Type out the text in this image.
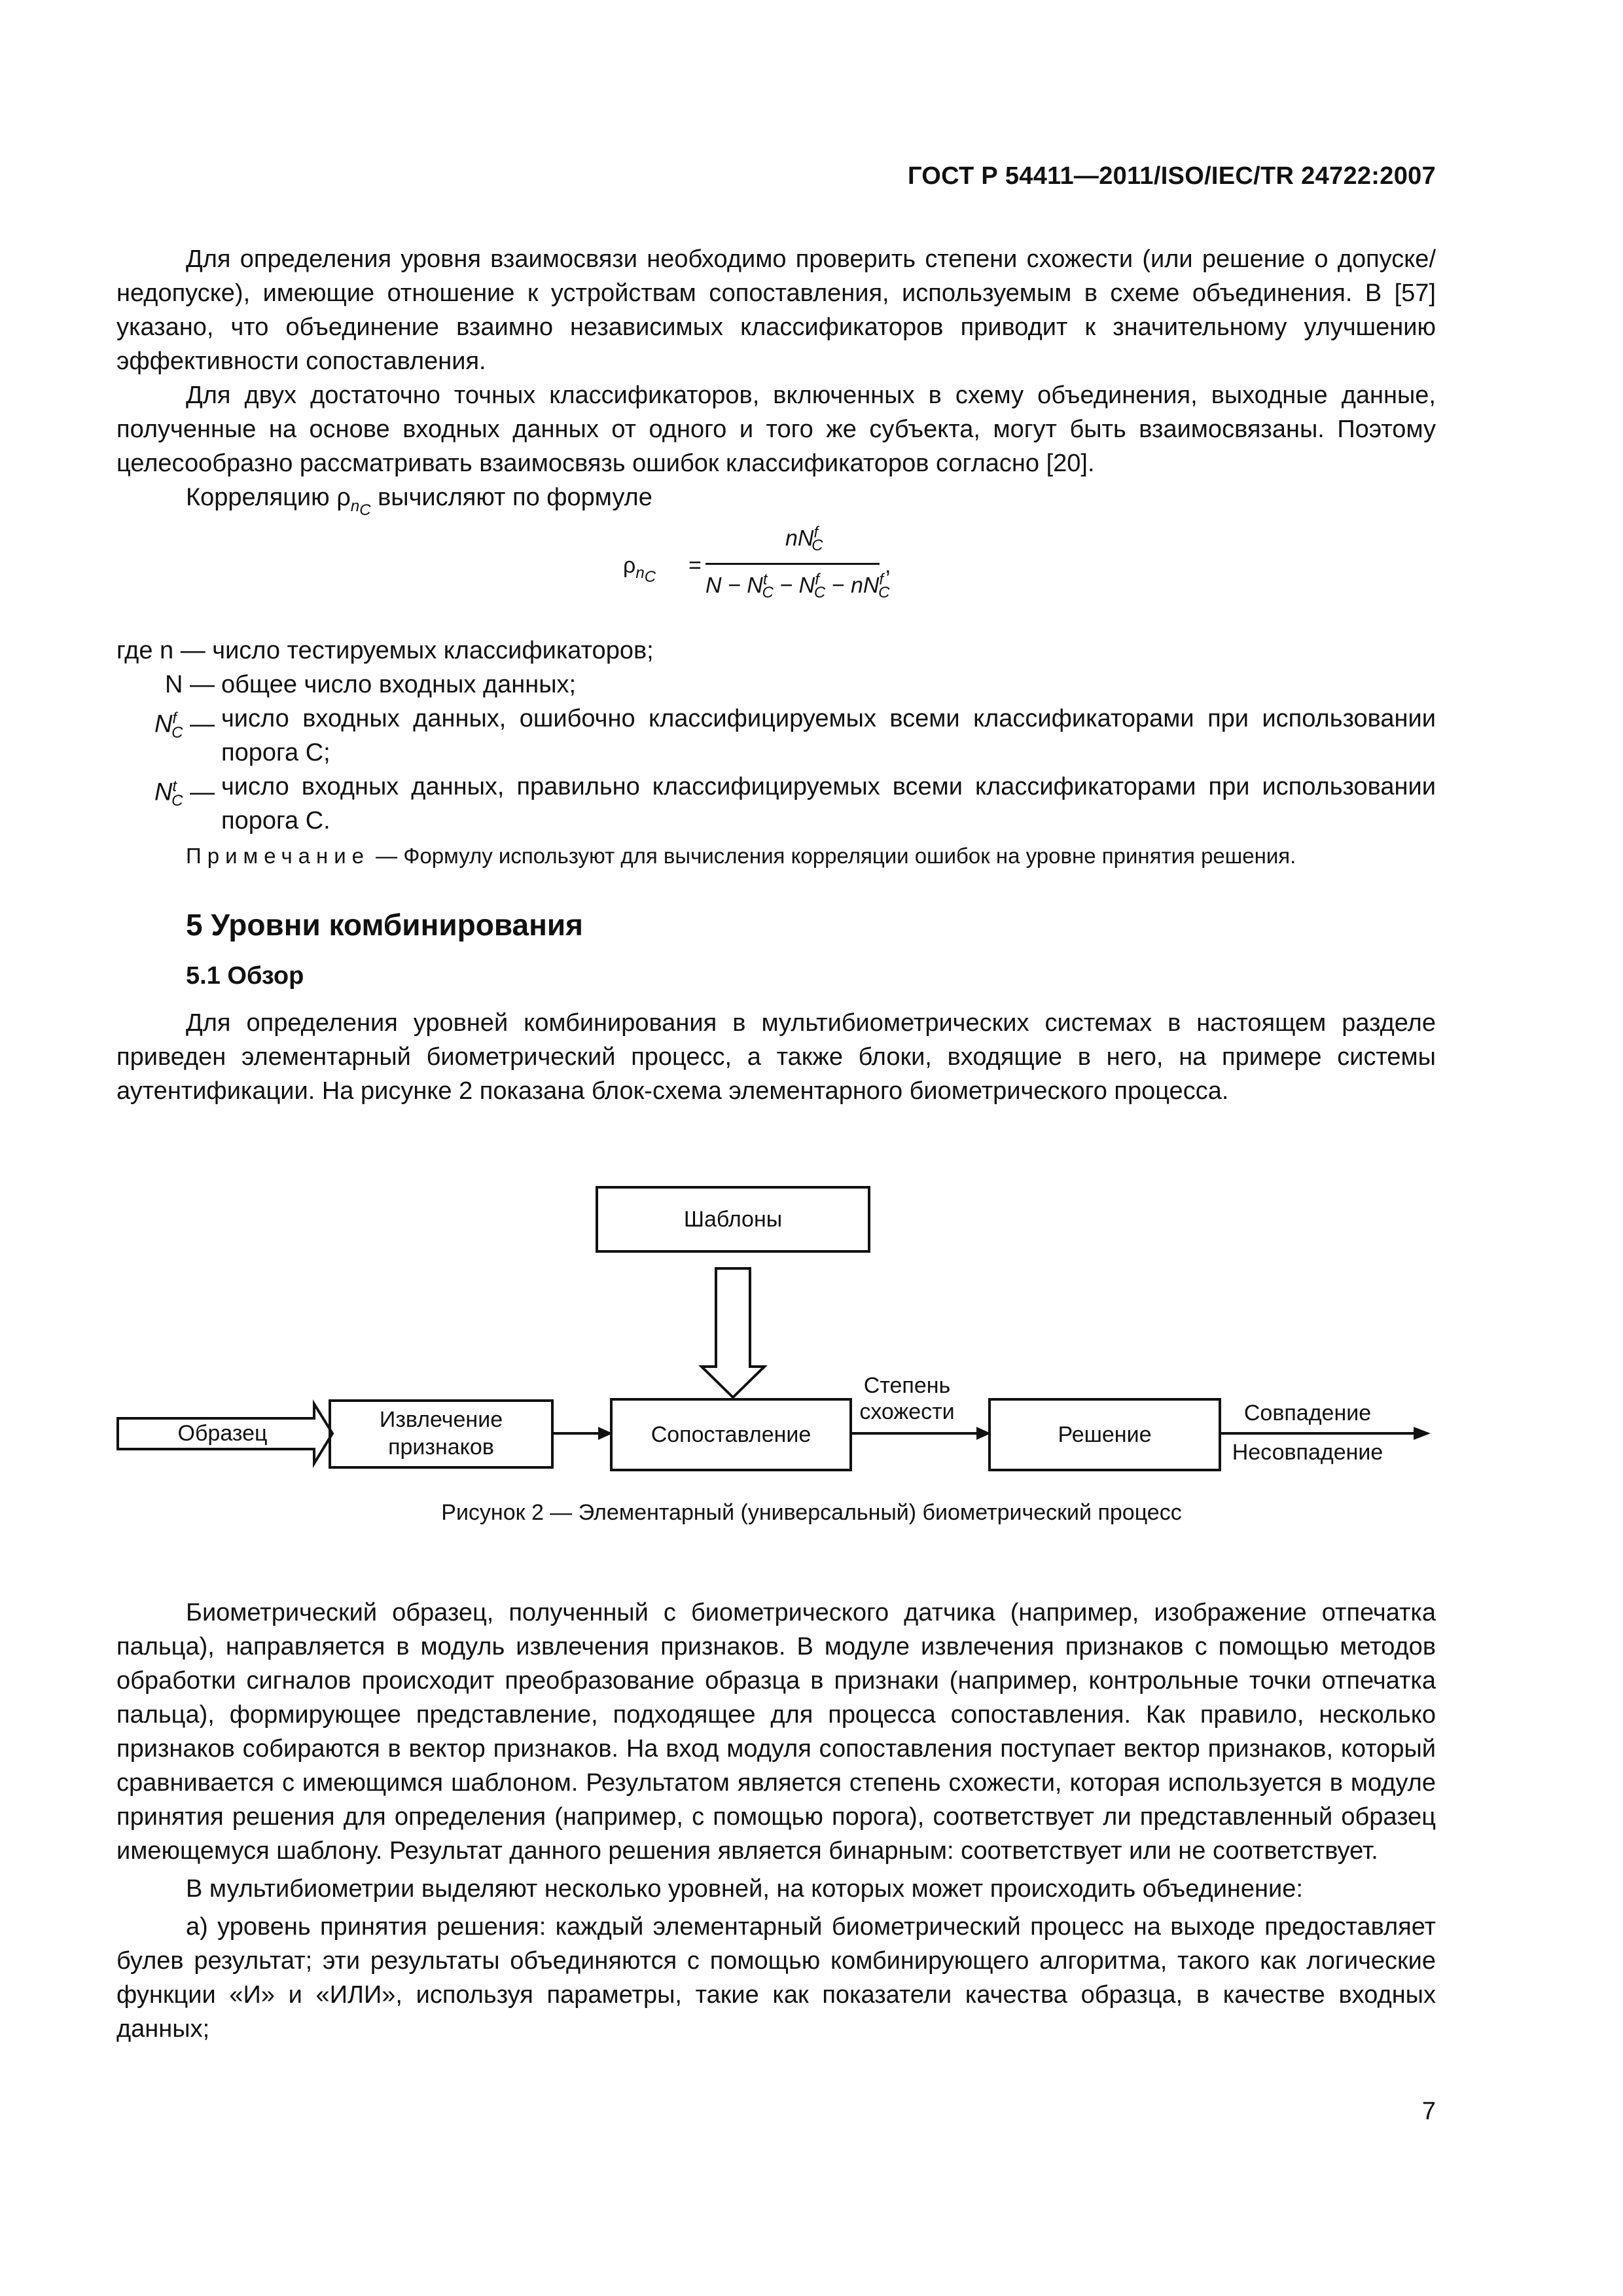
ГОСТ Р 54411—2011/ISO/IEC/TR 24722:2007

Для определения уровня взаимосвязи необходимо проверить степени схожести (или решение о допуске/недопуске), имеющие отношение к устройствам сопоставления, используемым в схеме объединения. В [57] указано, что объединение взаимно независимых классификаторов приводит к значительному улучшению эффективности сопоставления.

Для двух достаточно точных классификаторов, включенных в схему объединения, выходные данные, полученные на основе входных данных от одного и того же субъекта, могут быть взаимосвязаны. Поэтому целесообразно рассматривать взаимосвязь ошибок классификаторов согласно [20].

Корреляцию $\rho_{n_C}$ вычисляют по формуле

$\rho_{n_C}$ =
$nN^f_C$
$N - N^t_C - N^f_C - nN^f_C$
,
где n — число тестируемых классификаторов;
N — общее число входных данных;
$N^f_C$ — число входных данных, ошибочно классифицируемых всеми классификаторами при использовании порога C;
$N^t_C$ — число входных данных, правильно классифицируемых всеми классификаторами при использовании порога C.
Примечание — Формулу используют для вычисления корреляции ошибок на уровне принятия решения.
5 Уровни комбинирования
5.1 Обзор

Для определения уровней комбинирования в мультибиометрических системах в настоящем разделе приведен элементарный биометрический процесс, а также блоки, входящие в него, на примере системы аутентификации. На рисунке 2 показана блок-схема элементарного биометрического процесса.

Шаблоны
Образец
Извлечение
признаков	Сопоставление
Степень
схожести
Решение
Совпадение
Несовпадение
Рисунок 2 — Элементарный (универсальный) биометрический процесс

Биометрический образец, полученный с биометрического датчика (например, изображение отпечатка пальца), направляется в модуль извлечения признаков. В модуле извлечения признаков с помощью методов обработки сигналов происходит преобразование образца в признаки (например, контрольные точки отпечатка пальца), формирующее представление, подходящее для процесса сопоставления. Как правило, несколько признаков собираются в вектор признаков. На вход модуля сопоставления поступает вектор признаков, который сравнивается с имеющимся шаблоном. Результатом является степень схожести, которая используется в модуле принятия решения для определения (например, с помощью порога), соответствует ли представленный образец имеющемуся шаблону. Результат данного решения является бинарным: соответствует или не соответствует.

В мультибиометрии выделяют несколько уровней, на которых может происходить объединение:

а) уровень принятия решения: каждый элементарный биометрический процесс на выходе предоставляет булев результат; эти результаты объединяются с помощью комбинирующего алгоритма, такого как логические функции «И» и «ИЛИ», используя параметры, такие как показатели качества образца, в качестве входных данных;

7
